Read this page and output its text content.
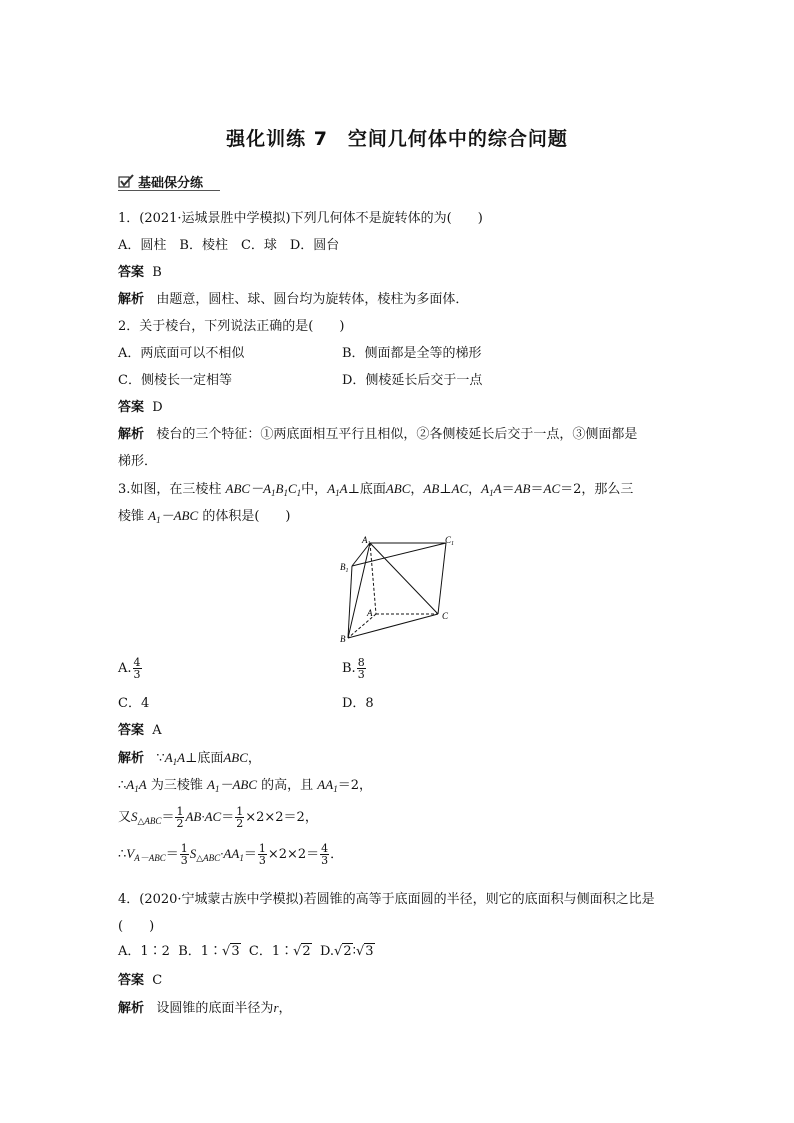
强化训练 7　空间几何体中的综合问题
基础保分练
1．(2021·运城景胜中学模拟)下列几何体不是旋转体的为(　　)
A．圆柱　B．棱柱　C．球　D．圆台
答案 B
解析 由题意，圆柱、球、圆台均为旋转体，棱柱为多面体．
2．关于棱台，下列说法正确的是(　　)
A．两底面可以不相似	B．侧面都是全等的梯形
C．侧棱长一定相等	D．侧棱延长后交于一点
答案 D
解析 棱台的三个特征：①两底面相互平行且相似，②各侧棱延长后交于一点，③侧面都是
梯形．
3.如图，在三棱柱 $ABC-A_1B_1C_1$中，$A_1A\perp$底面ABC，AB⊥AC，$A_1A=AB=AC=2$，那么三
棱锥 $A_1-ABC$ 的体积是(　　)
$A_1$	$C_1$
$B_1$
A	C
B
A. $\frac{4}{3}$	B. $\frac{8}{3}$
C．4	D．8
答案 A
解析 $\because A_1A\perp$底面ABC，
$\therefore A_1A$ 为三棱锥 $A_1-ABC$ 的高，且 $AA_1=2$，
又$S_{\triangle ABC}= \frac{1}{2} AB\cdot AC= \frac{1}{2} \times 2\times 2=2$，
$\therefore V_{A-ABC}= \frac{1}{3} S_{\triangle ABC}\cdot AA_1= \frac{1}{3} \times 2\times 2= \frac{4}{3}$ ．
4．(2020·宁城蒙古族中学模拟)若圆锥的高等于底面圆的半径，则它的底面积与侧面积之比是
(　　)
A．1∶2 B．1∶√3 C．1∶√2 D.√2∶√3
答案 C
解析 设圆锥的底面半径为r，
